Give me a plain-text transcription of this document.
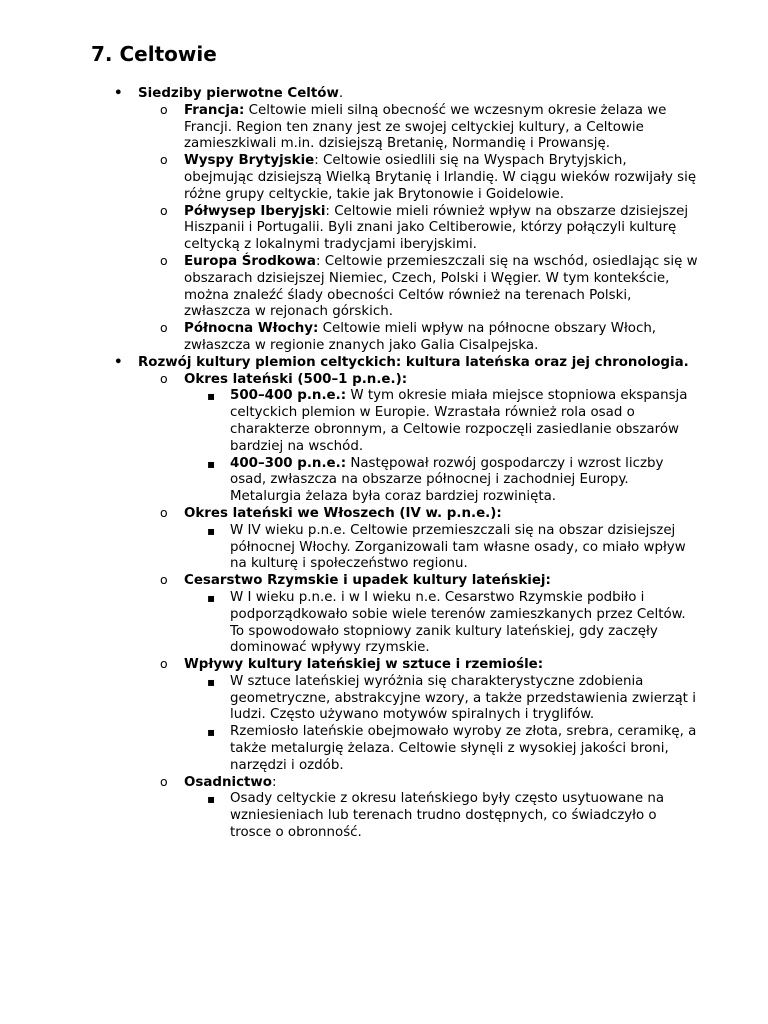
7. Celtowie
• Siedziby pierwotne Celtów.
o Francja: Celtowie mieli silną obecność we wczesnym okresie żelaza we Francji. Region ten znany jest ze swojej celtyckiej kultury, a Celtowie zamieszkiwali m.in. dzisiejszą Bretanię, Normandię i Prowansję.
o Wyspy Brytyjskie: Celtowie osiedlili się na Wyspach Brytyjskich, obejmując dzisiejszą Wielką Brytanię i Irlandię. W ciągu wieków rozwijały się różne grupy celtyckie, takie jak Brytonowie i Goidelowie.
o Półwysep Iberyjski: Celtowie mieli również wpływ na obszarze dzisiejszej Hiszpanii i Portugalii. Byli znani jako Celtiberowie, którzy połączyli kulturę celtycką z lokalnymi tradycjami iberyjskimi.
o Europa Środkowa: Celtowie przemieszczali się na wschód, osiedlając się w obszarach dzisiejszej Niemiec, Czech, Polski i Węgier. W tym kontekście, można znaleźć ślady obecności Celtów również na terenach Polski, zwłaszcza w rejonach górskich.
o Północna Włochy: Celtowie mieli wpływ na północne obszary Włoch, zwłaszcza w regionie znanych jako Galia Cisalpejska.
• Rozwój kultury plemion celtyckich: kultura lateńska oraz jej chronologia.
o Okres lateński (500–1 p.n.e.):
▪ 500–400 p.n.e.: W tym okresie miała miejsce stopniowa ekspansja celtyckich plemion w Europie. Wzrastała również rola osad o charakterze obronnym, a Celtowie rozpoczęli zasiedlanie obszarów bardziej na wschód.
▪ 400–300 p.n.e.: Następował rozwój gospodarczy i wzrost liczby osad, zwłaszcza na obszarze północnej i zachodniej Europy. Metalurgia żelaza była coraz bardziej rozwinięta.
o Okres lateński we Włoszech (IV w. p.n.e.):
▪ W IV wieku p.n.e. Celtowie przemieszczali się na obszar dzisiejszej północnej Włochy. Zorganizowali tam własne osady, co miało wpływ na kulturę i społeczeństwo regionu.
o Cesarstwo Rzymskie i upadek kultury lateńskiej:
▪ W I wieku p.n.e. i w I wieku n.e. Cesarstwo Rzymskie podbiło i podporządkowało sobie wiele terenów zamieszkanych przez Celtów. To spowodowało stopniowy zanik kultury lateńskiej, gdy zaczęły dominować wpływy rzymskie.
o Wpływy kultury lateńskiej w sztuce i rzemiośle:
▪ W sztuce lateńskiej wyróżnia się charakterystyczne zdobienia geometryczne, abstrakcyjne wzory, a także przedstawienia zwierząt i ludzi. Często używano motywów spiralnych i tryglifów.
▪ Rzemiosło lateńskie obejmowało wyroby ze złota, srebra, ceramikę, a także metalurgię żelaza. Celtowie słynęli z wysokiej jakości broni, narzędzi i ozdób.
o Osadnictwo:
▪ Osady celtyckie z okresu lateńskiego były często usytuowane na wzniesieniach lub terenach trudno dostępnych, co świadczyło o trosce o obronność.
